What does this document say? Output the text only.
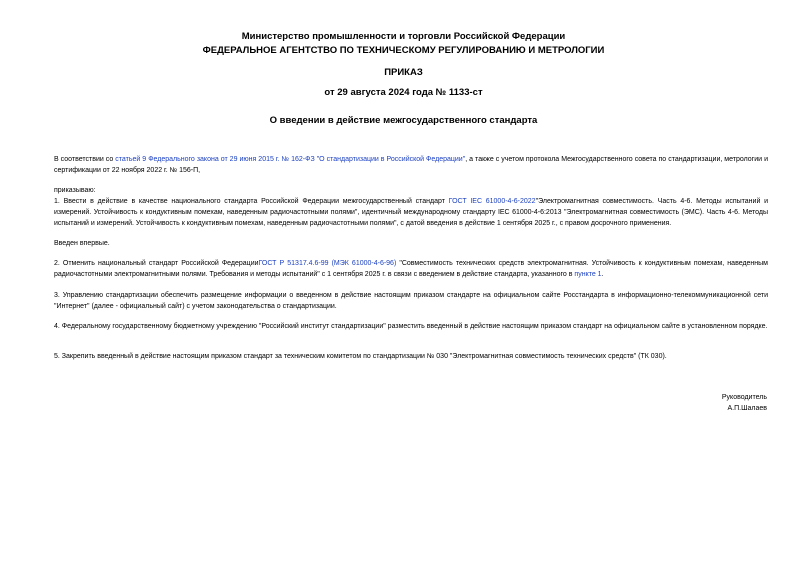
Министерство промышленности и торговли Российской Федерации
ФЕДЕРАЛЬНОЕ АГЕНТСТВО ПО ТЕХНИЧЕСКОМУ РЕГУЛИРОВАНИЮ И МЕТРОЛОГИИ
ПРИКАЗ
от 29 августа 2024 года № 1133-ст
О введении в действие межгосударственного стандарта
В соответствии со статьей 9 Федерального закона от 29 июня 2015 г. № 162-ФЗ "О стандартизации в Российской Федерации", а также с учетом протокола Межгосударственного совета по стандартизации, метрологии и сертификации от 22 ноября 2022 г. № 156-П,
приказываю:
1. Ввести в действие в качестве национального стандарта Российской Федерации межгосударственный стандарт ГОСТ IEC 61000-4-6-2022"Электромагнитная совместимость. Часть 4-6. Методы испытаний и измерений. Устойчивость к кондуктивным помехам, наведенным радиочастотными полями", идентичный международному стандарту IEC 61000-4-6:2013 "Электромагнитная совместимость (ЭМС). Часть 4-6. Методы испытаний и измерений. Устойчивость к кондуктивным помехам, наведенным радиочастотными полями", с датой введения в действие 1 сентября 2025 г., с правом досрочного применения.
Введен впервые.
2. Отменить национальный стандарт Российской ФедерацииГОСТ Р 51317.4.6-99 (МЭК 61000-4-6-96) "Совместимость технических средств электромагнитная. Устойчивость к кондуктивным помехам, наведенным радиочастотными электромагнитными полями. Требования и методы испытаний" с 1 сентября 2025 г. в связи с введением в действие стандарта, указанного в пункте 1.
3. Управлению стандартизации обеспечить размещение информации о введенном в действие настоящим приказом стандарте на официальном сайте Росстандарта в информационно-телекоммуникационной сети "Интернет" (далее - официальный сайт) с учетом законодательства о стандартизации.
4. Федеральному государственному бюджетному учреждению "Российский институт стандартизации" разместить введенный в действие настоящим приказом стандарт на официальном сайте в установленном порядке.
5. Закрепить введенный в действие настоящим приказом стандарт за техническим комитетом по стандартизации № 030 "Электромагнитная совместимость технических средств" (ТК 030).
Руководитель
А.П.Шалаев
